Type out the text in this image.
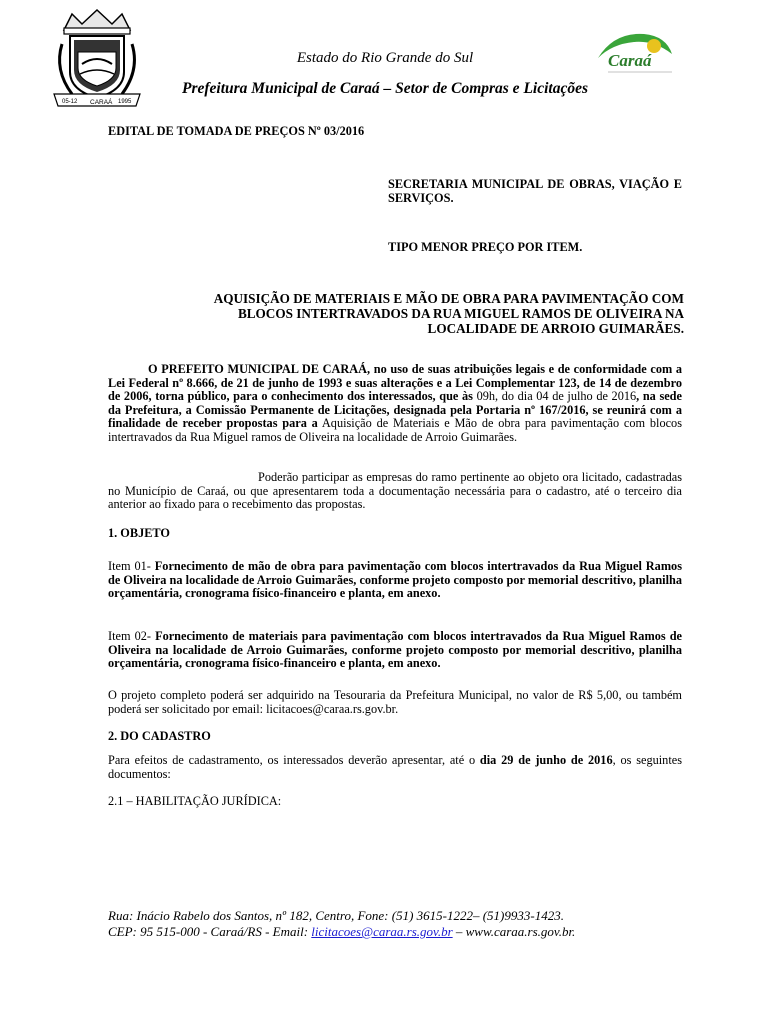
05-12 CARAÁ 1995
Caraá
Estado do Rio Grande do Sul
Prefeitura Municipal de Caraá – Setor de Compras e Licitações
EDITAL DE TOMADA DE PREÇOS Nº 03/2016
SECRETARIA MUNICIPAL DE OBRAS, VIAÇÃO E SERVIÇOS.
TIPO MENOR PREÇO POR ITEM.
AQUISIÇÃO DE MATERIAIS E MÃO DE OBRA PARA PAVIMENTAÇÃO COM
BLOCOS INTERTRAVADOS DA RUA MIGUEL RAMOS DE OLIVEIRA NA
LOCALIDADE DE ARROIO GUIMARÃES.
O PREFEITO MUNICIPAL DE CARAÁ, no uso de suas atribuições legais e de conformidade com a Lei Federal nº 8.666, de 21 de junho de 1993 e suas alterações e a Lei Complementar 123, de 14 de dezembro de 2006, torna público, para o conhecimento dos interessados, que às 09h, do dia 04 de julho de 2016, na sede da Prefeitura, a Comissão Permanente de Licitações, designada pela Portaria nº 167/2016, se reunirá com a finalidade de receber propostas para a Aquisição de Materiais e Mão de obra para pavimentação com blocos intertravados da Rua Miguel ramos de Oliveira na localidade de Arroio Guimarães.
Poderão participar as empresas do ramo pertinente ao objeto ora licitado, cadastradas no Município de Caraá, ou que apresentarem toda a documentação necessária para o cadastro, até o terceiro dia anterior ao fixado para o recebimento das propostas.
1. OBJETO
Item 01- Fornecimento de mão de obra para pavimentação com blocos intertravados da Rua Miguel Ramos de Oliveira na localidade de Arroio Guimarães, conforme projeto composto por memorial descritivo, planilha orçamentária, cronograma físico-financeiro e planta, em anexo.
Item 02- Fornecimento de materiais para pavimentação com blocos intertravados da Rua Miguel Ramos de Oliveira na localidade de Arroio Guimarães, conforme projeto composto por memorial descritivo, planilha orçamentária, cronograma físico-financeiro e planta, em anexo.
O projeto completo poderá ser adquirido na Tesouraria da Prefeitura Municipal, no valor de R$ 5,00, ou também poderá ser solicitado por email: licitacoes@caraa.rs.gov.br.
2. DO CADASTRO
Para efeitos de cadastramento, os interessados deverão apresentar, até o dia 29 de junho de 2016, os seguintes documentos:
2.1 – HABILITAÇÃO JURÍDICA:
Rua: Inácio Rabelo dos Santos, nº 182, Centro, Fone: (51) 3615-1222– (51)9933-1423.
CEP: 95 515-000 - Caraá/RS - Email: licitacoes@caraa.rs.gov.br – www.caraa.rs.gov.br.
